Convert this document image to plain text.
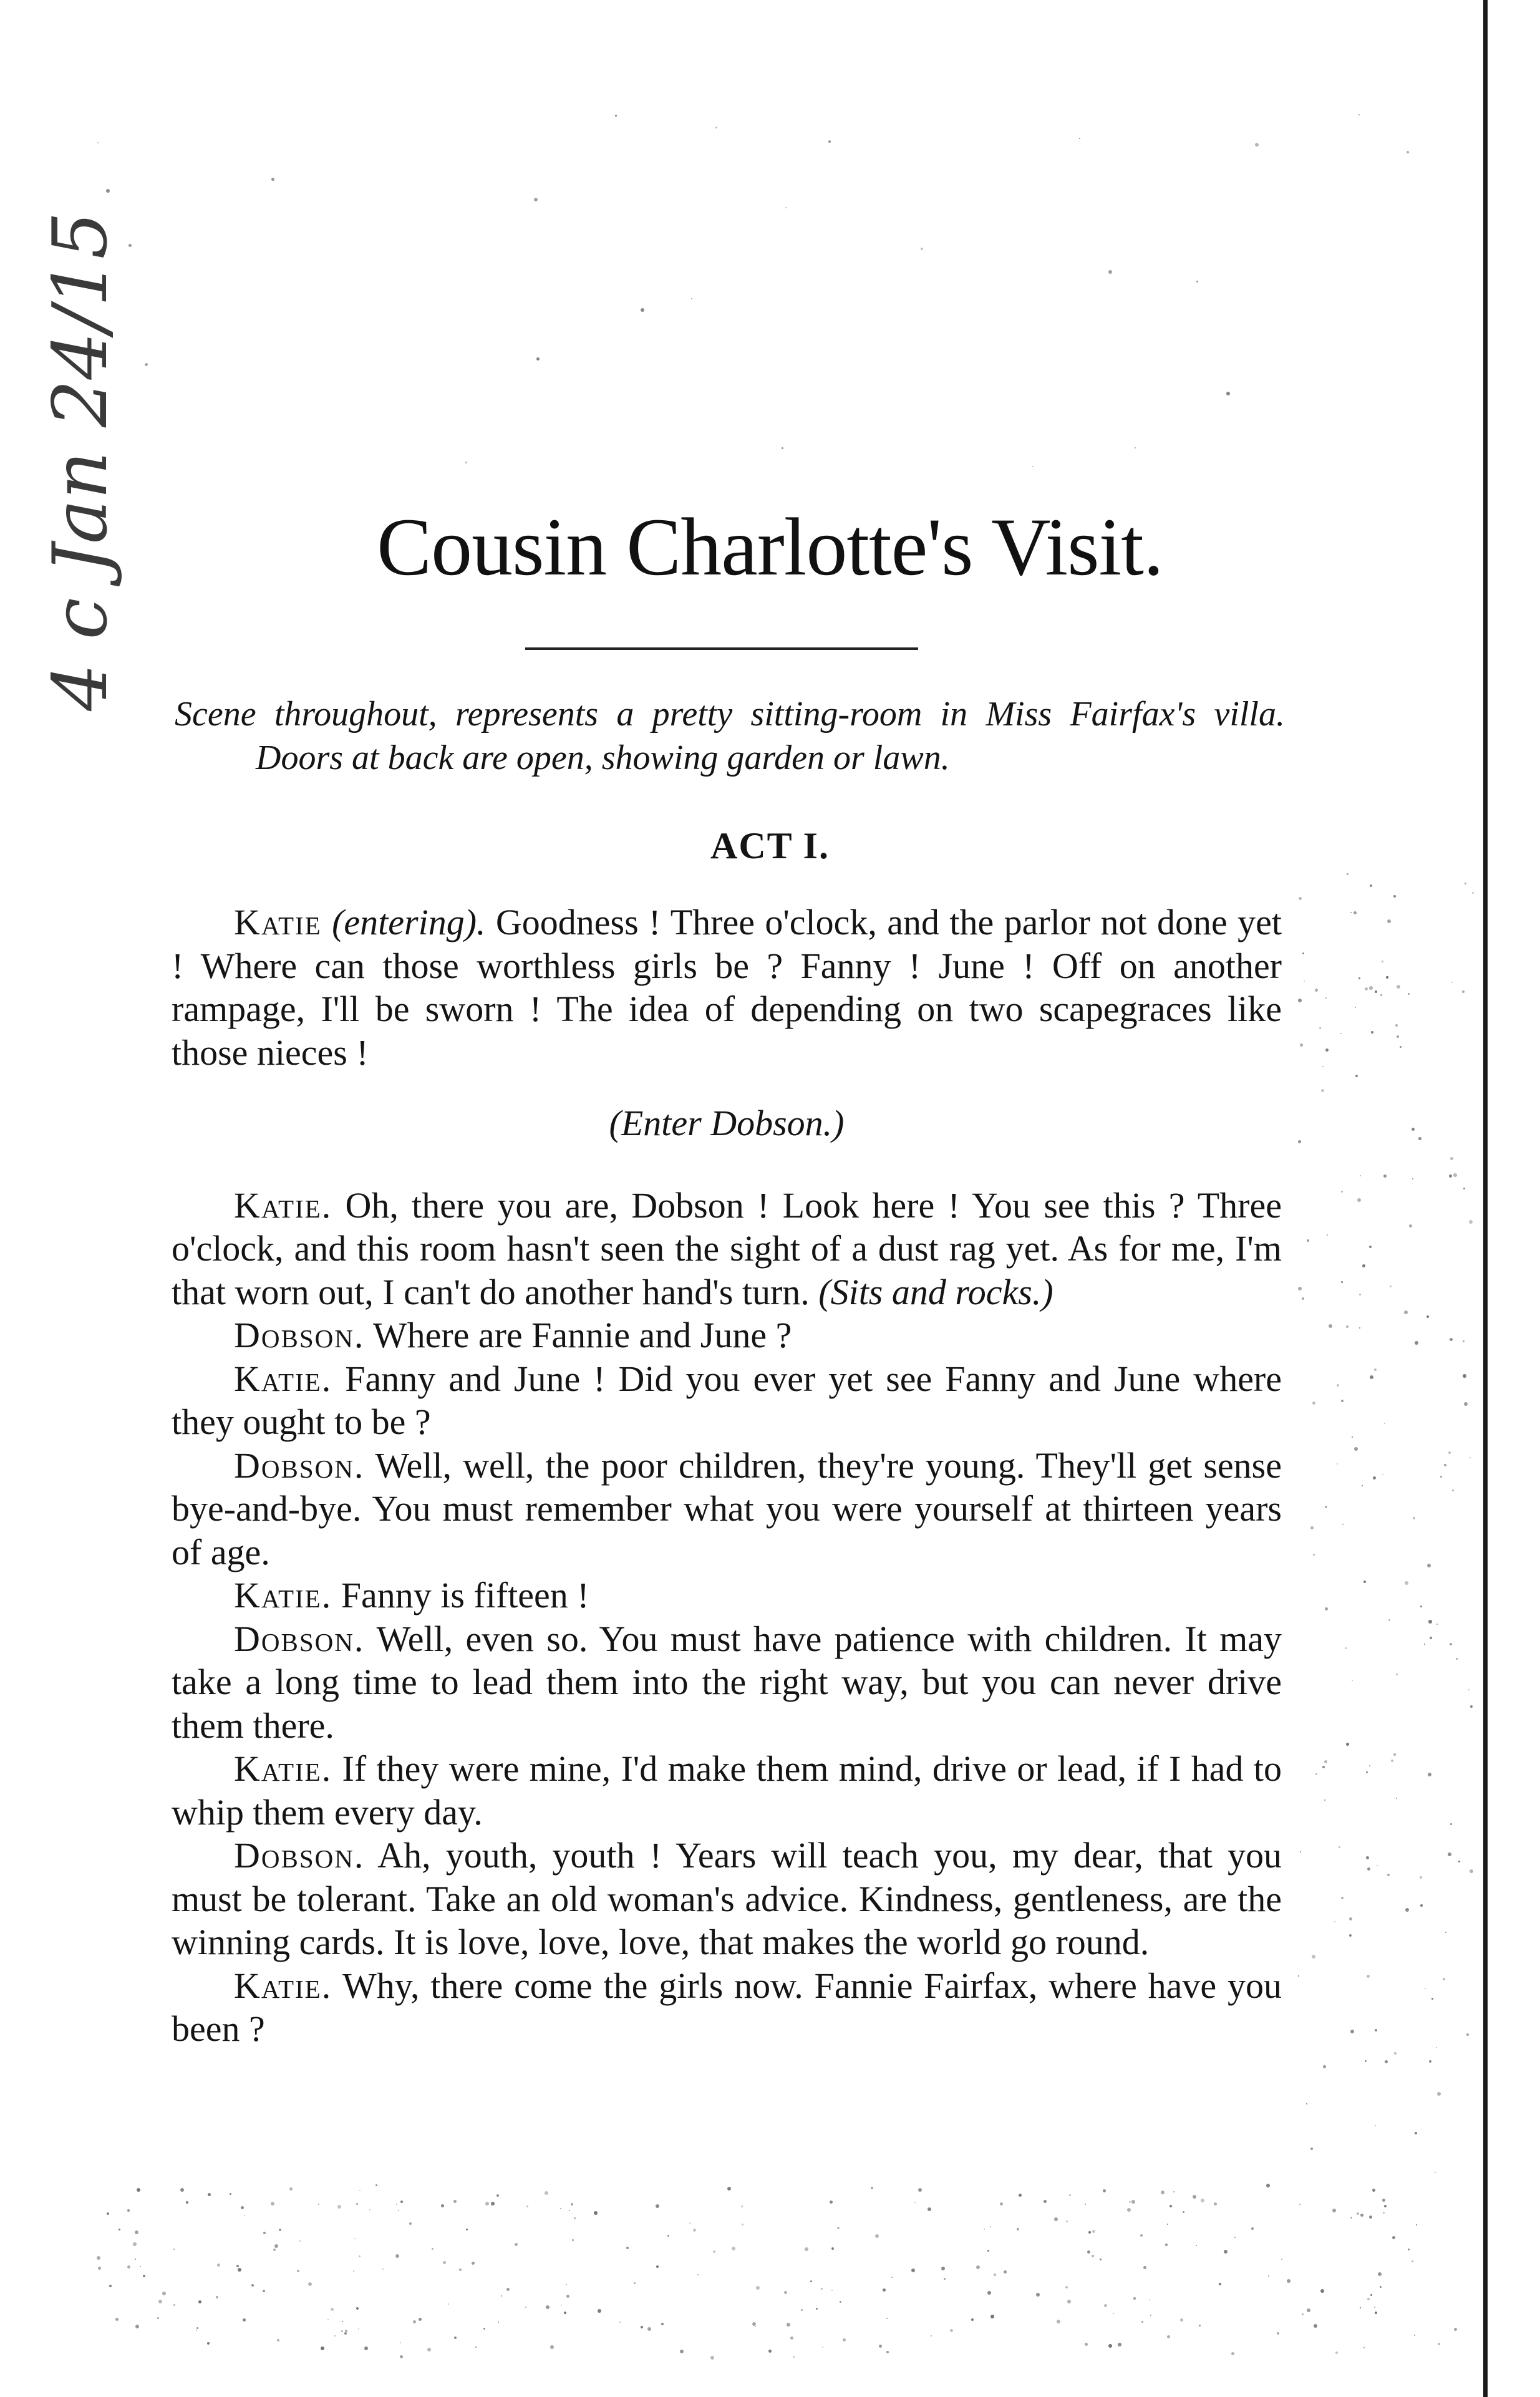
4 c Jan 24/15	Cousin Charlotte's Visit.
Scene throughout, represents a pretty sitting-room in Miss Fairfax's villa. Doors at back are open, showing garden or lawn.
ACT I.

Katie (entering). Goodness ! Three o'clock, and the parlor not done yet ! Where can those worthless girls be ? Fanny ! June ! Off on another rampage, I'll be sworn ! The idea of depending on two scapegraces like those nieces !

(Enter Dobson.)

Katie. Oh, there you are, Dobson ! Look here ! You see this ? Three o'clock, and this room hasn't seen the sight of a dust rag yet. As for me, I'm that worn out, I can't do another hand's turn. (Sits and rocks.)

Dobson. Where are Fannie and June ?

Katie. Fanny and June ! Did you ever yet see Fanny and June where they ought to be ?

Dobson. Well, well, the poor children, they're young. They'll get sense bye-and-bye. You must remember what you were yourself at thirteen years of age.

Katie. Fanny is fifteen !

Dobson. Well, even so. You must have patience with children. It may take a long time to lead them into the right way, but you can never drive them there.

Katie. If they were mine, I'd make them mind, drive or lead, if I had to whip them every day.

Dobson. Ah, youth, youth ! Years will teach you, my dear, that you must be tolerant. Take an old woman's advice. Kindness, gentleness, are the winning cards. It is love, love, love, that makes the world go round.

Katie. Why, there come the girls now. Fannie Fairfax, where have you been ?
